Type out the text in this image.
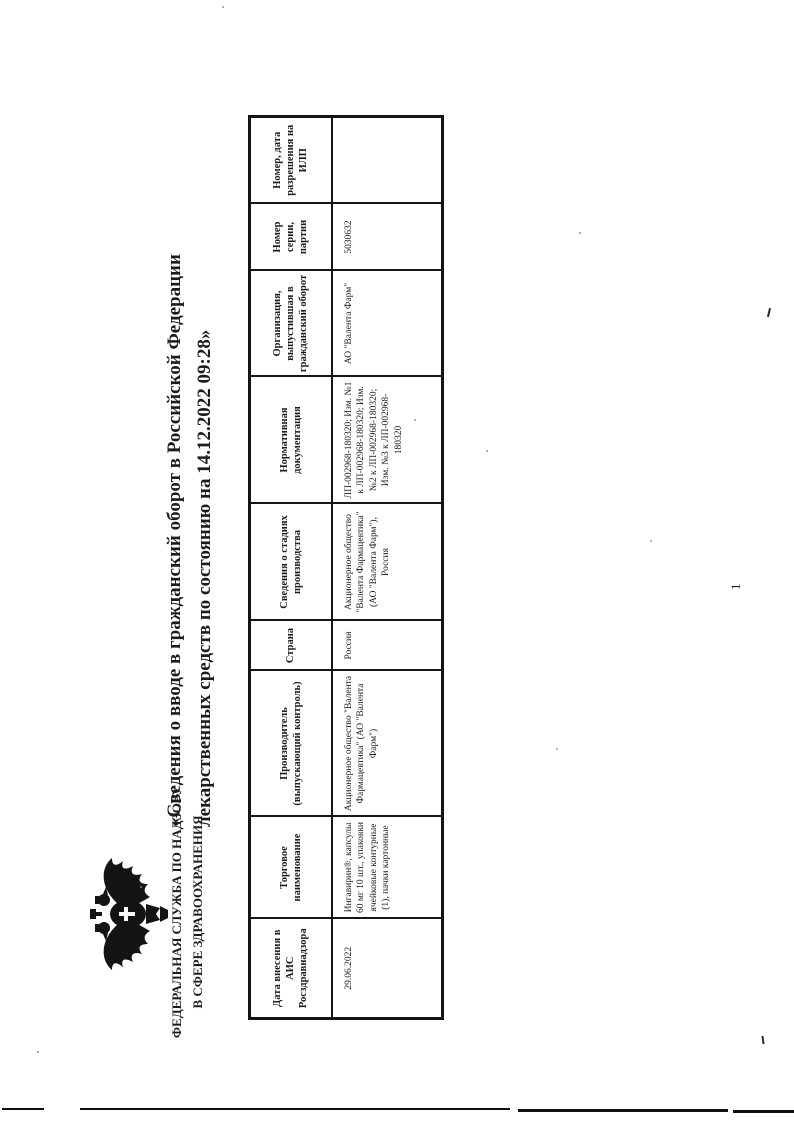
ФЕДЕРАЛЬНАЯ СЛУЖБА ПО НАДЗОРУ В СФЕРЕ ЗДРАВООХРАНЕНИЯ
«Сведения о вводе в гражданский оборот в Российской Федерации лекарственных средств по состоянию на 14.12.2022 09:28»
Дата внесения в АИС Росздравнадзора	Торговое наименование	Производитель (выпускающий контроль)	Страна	Сведения о стадиях производства	Нормативная документация	Организация, выпустившая в гражданский оборот	Номер серии, партии	Номер, дата разрешения на ИЛП
29.06.2022	Ингавирин®, капсулы 60 мг 10 шт., упаковки ячейковые контурные (1), пачки картонные	Акционерное общество "Валента Фармацевтика" (АО "Валента Фарм")	Россия	Акционерное общество "Валента Фармацевтика" (АО "Валента Фарм"), Россия	ЛП-002968-180320; Изм. №1 к ЛП-002968-180320; Изм. №2 к ЛП-002968-180320; Изм. №3 к ЛП-002968-180320	АО "Валента Фарм"	5030632	
1
